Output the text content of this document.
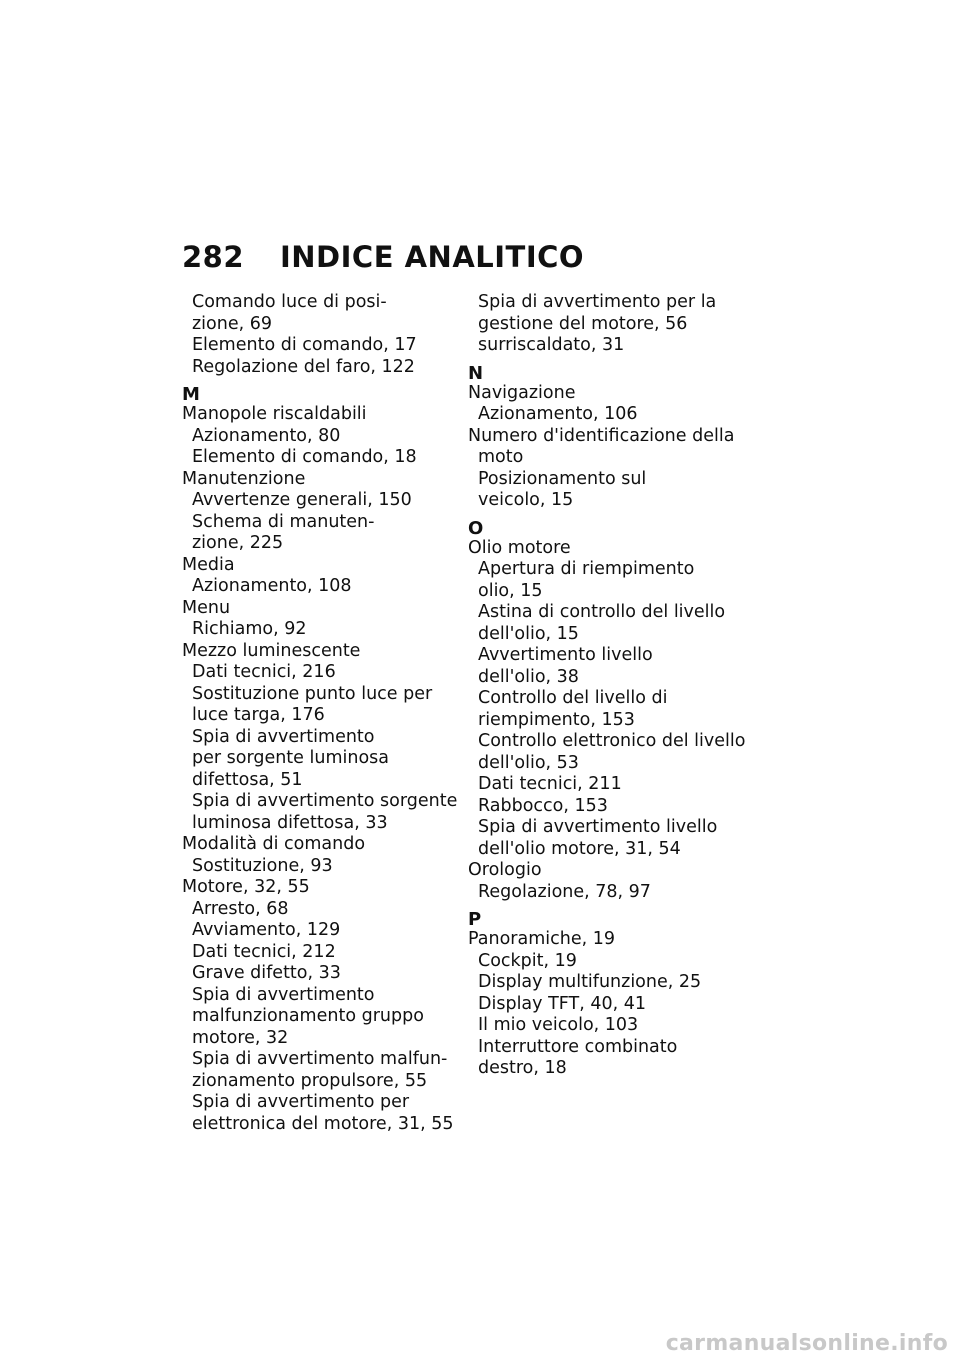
282 INDICE ANALITICO
Comando luce di posi-
zione, 69
Elemento di comando, 17
Regolazione del faro, 122
M
Manopole riscaldabili
Azionamento, 80
Elemento di comando, 18
Manutenzione
Avvertenze generali, 150
Schema di manuten-
zione, 225
Media
Azionamento, 108
Menu
Richiamo, 92
Mezzo luminescente
Dati tecnici, 216
Sostituzione punto luce per
luce targa, 176
Spia di avvertimento
per sorgente luminosa
difettosa, 51
Spia di avvertimento sorgente
luminosa difettosa, 33
Modalità di comando
Sostituzione, 93
Motore, 32, 55
Arresto, 68
Avviamento, 129
Dati tecnici, 212
Grave difetto, 33
Spia di avvertimento
malfunzionamento gruppo
motore, 32
Spia di avvertimento malfun-
zionamento propulsore, 55
Spia di avvertimento per
elettronica del motore, 31, 55
Spia di avvertimento per la
gestione del motore, 56
surriscaldato, 31
N
Navigazione
Azionamento, 106
Numero d'identificazione della
moto
Posizionamento sul
veicolo, 15
O
Olio motore
Apertura di riempimento
olio, 15
Astina di controllo del livello
dell'olio, 15
Avvertimento livello
dell'olio, 38
Controllo del livello di
riempimento, 153
Controllo elettronico del livello
dell'olio, 53
Dati tecnici, 211
Rabbocco, 153
Spia di avvertimento livello
dell'olio motore, 31, 54
Orologio
Regolazione, 78, 97
P
Panoramiche, 19
Cockpit, 19
Display multifunzione, 25
Display TFT, 40, 41
Il mio veicolo, 103
Interruttore combinato
destro, 18
carmanualsonline.info
